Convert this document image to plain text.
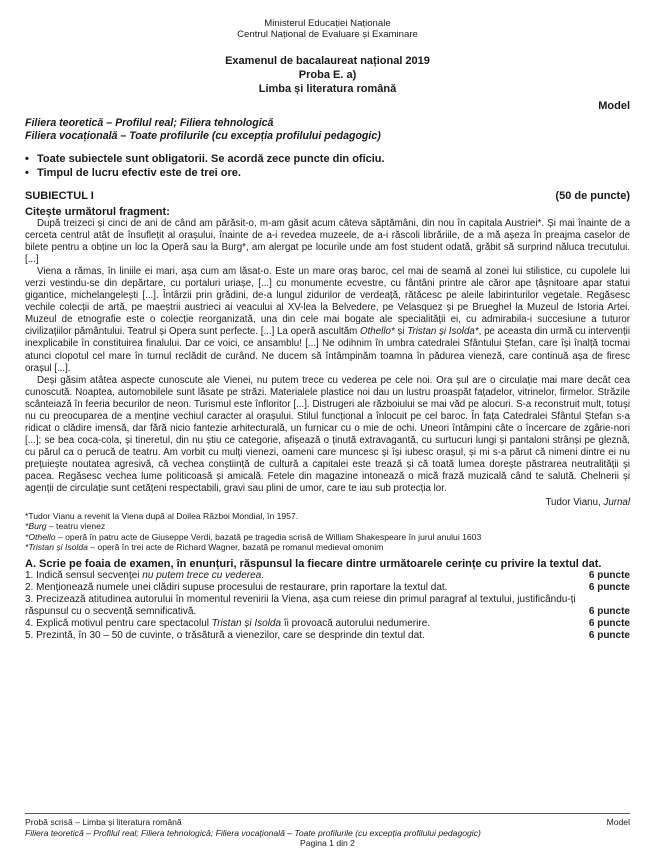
Ministerul Educației Naționale
Centrul Național de Evaluare și Examinare
Examenul de bacalaureat național 2019
Proba E. a)
Limba și literatura română
Model
Filiera teoretică – Profilul real; Filiera tehnologică
Filiera vocațională – Toate profilurile (cu excepția profilului pedagogic)
• Toate subiectele sunt obligatorii. Se acordă zece puncte din oficiu.
• Timpul de lucru efectiv este de trei ore.
SUBIECTUL I	(50 de puncte)
Citește următorul fragment:

După treizeci și cinci de ani de când am părăsit-o, m-am găsit acum câteva săptămâni, din nou în capitala Austriei*. Și mai înainte de a cerceta centrul atât de însuflețit al orașului, înainte de a-i revedea muzeele, de a-i răscoli librăriile, de a mă așeza în preajma caselor de bilete pentru a obține un loc la Operă sau la Burg*, am alergat pe locurile unde am fost student odată, grăbit să surprind năluca trecutului. [...]

Viena a rămas, în liniile ei mari, așa cum am lăsat-o. Este un mare oraș baroc, cel mai de seamă al zonei lui stilistice, cu cupolele lui verzi vestindu-se din depărtare, cu portaluri uriașe, [...] cu monumente ecvestre, cu fântâni printre ale căror ape țâșnitoare apar statui gigantice, michelangelești [...]. Întârzii prin grădini, de-a lungul zidurilor de verdeață, rătăcesc pe aleile labirinturilor vegetale. Regăsesc vechile colecții de artă, pe maeștrii austrieci ai veacului al XV-lea la Belvedere, pe Velasquez și pe Brueghel la Muzeul de Istoria Artei. Muzeul de etnografie este o colecție reorganizată, una din cele mai bogate ale specialității ei, cu admirabila-i succesiune a tuturor civilizațiilor pământului. Teatrul și Opera sunt perfecte. [...] La operă ascultăm Othello* și Tristan și Isolda*, pe aceasta din urmă cu intervenții inexplicabile în constituirea finalului. Dar ce voici, ce ansamblu! [...] Ne odihnim în umbra catedralei Sfântului Ștefan, care își înalță tocmai atunci clopotul cel mare în turnul reclădit de curând. Ne ducem să întâmpinăm toamna în pădurea vieneză, care continuă așa de firesc orașul [...].

Deși găsim atâtea aspecte cunoscute ale Vienei, nu putem trece cu vederea pe cele noi. Ora șul are o circulație mai mare decât cea cunoscută. Noaptea, automobilele sunt lăsate pe străzi. Materialele plastice noi dau un lustru proaspăt fațadelor, vitrinelor, firmelor. Străzile scânteiază în feeria becurilor de neon. Turismul este înfloritor [...]. Distrugeri ale războiului se mai văd pe alocuri. S-a reconstruit mult, totuși nu cu preocuparea de a menține vechiul caracter al orașului. Stilul funcțional a înlocuit pe cel baroc. În fața Catedralei Sfântul Ștefan s-a ridicat o clădire imensă, dar fără nicio fantezie arhitecturală, un furnicar cu o mie de ochi. Uneori întâmpini câte o încercare de zgârie-nori [...]; se bea coca-cola, și tineretul, din nu știu ce categorie, afișează o ținută extravagantă, cu surtucuri lungi și pantaloni strânși pe gleznă, cu părul ca o perucă de teatru. Am vorbit cu mulți vienezi, oameni care muncesc și își iubesc orașul, și mi s-a părut că nimeni dintre ei nu prețuiește noutatea agresivă, că vechea conștiință de cultură a capitalei este trează și că toată lumea dorește păstrarea neutralității și pacea. Regăsesc vechea lume politicoasă și amicală. Fetele din magazine intonează o mică frază muzicală când te salută. Chelnerii și agenții de circulație sunt cetățeni respectabili, gravi sau plini de umor, care te iau sub protecția lor.

Tudor Vianu, Jurnal
*Tudor Vianu a revenit la Viena după al Doilea Război Mondial, în 1957.
*Burg – teatru vienez
*Othello – operă în patru acte de Giuseppe Verdi, bazată pe tragedia scrisă de William Shakespeare în jurul anului 1603
*Tristan și Isolda – operă în trei acte de Richard Wagner, bazată pe romanul medieval omonim
A. Scrie pe foaia de examen, în enunțuri, răspunsul la fiecare dintre următoarele cerințe cu privire la textul dat.
1. Indică sensul secvenței nu putem trece cu vederea.	6 puncte
2. Menționează numele unei clădiri supuse procesului de restaurare, prin raportare la textul dat.	6 puncte
3. Precizează atitudinea autorului în momentul revenirii la Viena, așa cum reiese din primul paragraf al textului, justificându-ți răspunsul cu o secvență semnificativă.	6 puncte
4. Explică motivul pentru care spectacolul Tristan și Isolda îi provoacă autorului nedumerire.	6 puncte
5. Prezintă, în 30 – 50 de cuvinte, o trăsătură a vienezilor, care se desprinde din textul dat.	6 puncte
Probă scrisă – Limba și literatura română	Model
Filiera teoretică – Profilul real; Filiera tehnologică; Filiera vocațională – Toate profilurile (cu excepția profilului pedagogic)
Pagina 1 din 2
